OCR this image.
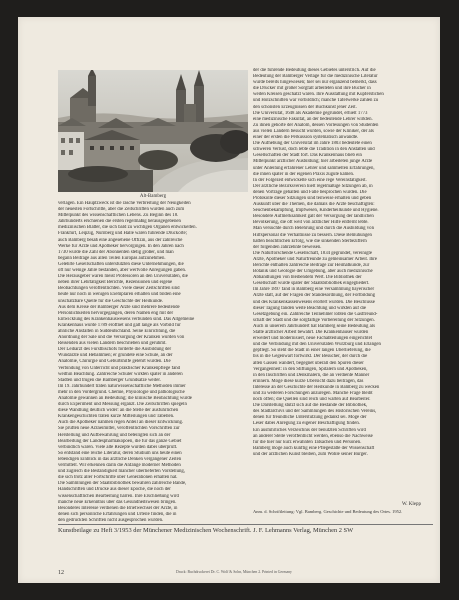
Alt-Bamberg
verlagen. Ein Hauptzweck ist die rasche Verbreitung der Neuigkeiten
der neuesten Fortschritte, aber die Zeitschriften wurden auch zum
Mittelpunkt des wissenschaftlichen Lebens. Zu Beginn des 18.
Jahrhunderts erschienen die ersten regelmäßig herausgegebenen
medizinischen Blätter, die sich bald zu wichtigen Organen entwickelten.
Frankfurt, Leipzig, Nürnberg und Halle waren führende Druckorte;
auch Bamberg besaß eine angesehene Offizin, aus der zahlreiche
Werke für Ärzte und Apotheker hervorgingen. In den Jahren nach
1730 wurde die Zahl der Abonnenten stetig größer, und man
begann Beiträge aus allen Teilen Europas aufzunehmen.
Gelehrte Gesellschaften unterstützten diese Unternehmungen, die
oft nur wenige Jahre bestanden, aber wertvolle Anregungen gaben.
Die Herausgeber waren meist Professoren an den Universitäten, die
neben ihrer Lehrtätigkeit Berichte, Rezensionen und eigene
Beobachtungen veröffentlichten. Viele dieser Zeitschriften sind
heute nur noch in wenigen Exemplaren erhalten und bilden eine
unschätzbare Quelle für die Geschichte der Heilkunde.
Aus dem Kreise der Bamberger Ärzte sind mehrere bedeutende
Persönlichkeiten hervorgegangen, deren Namen eng mit der
Entwicklung des Krankenhauswesens verbunden sind. Das Allgemeine
Krankenhaus wurde 1789 eröffnet und galt lange als Vorbild für
ähnliche Anstalten in Süddeutschland. Seine Einrichtung, die
Anordnung der Säle und die Versorgung der Kranken wurden von
Reisenden aus vielen Ländern beschrieben und gerühmt.
Der Leibarzt des Fürstbischofs förderte die Ausbildung der
Wundärzte und Hebammen; er gründete eine Schule, an der
Anatomie, Chirurgie und Geburtshilfe gelehrt wurden. Die
Verbindung von Unterricht und praktischer Krankenpflege fand
weithin Beachtung. Zahlreiche Schüler wirkten später in anderen
Städten und trugen die Bamberger Grundsätze weiter.
Im 19. Jahrhundert traten naturwissenschaftliche Methoden immer
mehr in den Vordergrund. Chemie, Physiologie und pathologische
Anatomie gewannen an Bedeutung; die klinische Beobachtung wurde
durch Experiment und Messung ergänzt. Die Zeitschriften spiegeln
diese Wandlung deutlich wider: an die Stelle der ausführlichen
Krankengeschichten traten kurze Mitteilungen und Tabellen.
Auch die Apotheker nahmen regen Anteil an dieser Entwicklung.
Sie prüften neue Arzneimittel, veröffentlichten Vorschriften zur
Herstellung und Aufbewahrung und beteiligten sich an der
Bearbeitung der Landespharmakopöen, die für das ganze Gebiet
verbindlich waren. Viele alte Rezepte wurden dabei überprüft.
So entstand eine reiche Literatur, deren Studium uns heute einen
lebendigen Einblick in das ärztliche Denken vergangener Zeiten
vermittelt. Wir erkennen darin die Anfänge moderner Methoden
und zugleich die Beständigkeit mancher überlieferten Vorstellung,
die sich trotz aller Fortschritte über Generationen erhalten hat.
Die Sammlungen der Staatsbibliothek bewahren zahlreiche Bände,
Handschriften und Drucke aus dieser Epoche, die noch der
wissenschaftlichen Bearbeitung harren. Ihre Erschließung wird
manche neue Erkenntnis über das Gesundheitswesen bringen.
Besonderes Interesse verdienen die Briefwechsel der Ärzte, in
denen sich persönliche Erfahrungen und Urteile finden, die in
den gedruckten Schriften nicht ausgesprochen wurden.
der die führende Bedeutung dieses Gebietes unterstrich. Auf die
Bedeutung der Bamberger Verlage für die medizinische Literatur
wurde bereits hingewiesen; hier sei nur ergänzend bemerkt, dass
die Drucker mit großer Sorgfalt arbeiteten und ihre Bücher in
weiten Kreisen geschätzt waren. Ihre Ausstattung mit Kupferstichen
und Holzschnitten war vorbildlich; manche Tafelwerke zählen zu
den schönsten Erzeugnissen der Buchkunst jener Zeit.
Die Universität, 1648 als Akademie gegründet, erhielt 1773
eine medizinische Fakultät, an der bedeutende Lehrer wirkten.
Zu ihnen gehörte der Anatom, dessen Vorlesungen von Studenten
aus vielen Ländern besucht wurden, sowie der Kliniker, der als
einer der ersten die Perkussion systematisch anwandte.
Die Aufhebung der Universität im Jahre 1803 bedeutete einen
schweren Verlust, doch lebte die Tradition in den Anstalten und
Gesellschaften der Stadt fort. Das Krankenhaus blieb ein
Mittelpunkt ärztlicher Ausbildung; hier arbeiteten junge Ärzte
unter Anleitung erfahrener Lehrer und sammelten Erfahrungen,
die ihnen später in der eigenen Praxis zugute kamen.
In der Folgezeit entwickelte sich eine rege Vereinstätigkeit.
Der ärztliche Bezirksverein hielt regelmäßige Sitzungen ab, in
denen Vorträge gehalten und Fälle besprochen wurden. Die
Protokolle dieser Sitzungen sind teilweise erhalten und geben
Auskunft über die Themen, die damals die Ärzte beschäftigten:
Seuchenbekämpfung, Impfwesen, Kinderheilkunde und Hygiene.
Besondere Aufmerksamkeit galt der Versorgung der ländlichen
Bevölkerung, die oft weit von ärztlicher Hilfe entfernt lebte.
Man versuchte durch Belehrung und durch die Ausbildung von
Hilfspersonal die Verhältnisse zu bessern. Diese Bemühungen
hatten beachtlichen Erfolg, wie die sinkenden Sterbeziffern
der folgenden Jahrzehnte beweisen.
Die Naturforschende Gesellschaft, 1834 gegründet, vereinigte
Ärzte, Apotheker und Naturfreunde zu gemeinsamer Arbeit. Ihre
Berichte enthalten zahlreiche Beiträge zur Heimatkunde, zur
Botanik und Geologie der Umgebung, aber auch medizinische
Abhandlungen von bleibendem Wert. Die Bibliothek der
Gesellschaft wurde später der Staatsbibliothek eingegliedert.
Im Jahre 1897 fand in Bamberg eine Versammlung bayerischer
Ärzte statt, auf der Fragen der Standesordnung, der Fortbildung
und des Krankenkassenwesens erörtert wurden. Die Beschlüsse
dieser Tagung fanden weite Beachtung und wirkten auf die
Gesetzgebung ein. Zahlreiche Teilnehmer lobten die Gastfreund-
schaft der Stadt und die sorgfältige Vorbereitung der Sitzungen.
Auch in unserem Jahrhundert hat Bamberg seine Bedeutung als
Stätte ärztlicher Arbeit bewahrt. Die Krankenhäuser wurden
erweitert und modernisiert, neue Fachabteilungen eingerichtet
und die Verbindung mit den Universitäten Würzburg und Erlangen
gepflegt. So steht die Stadt in einer langen Überlieferung, die
bis in die Gegenwart fortwirkt. Der Besucher, der durch die
alten Gassen wandert, begegnet überall den Spuren dieser
Vergangenheit: in den Stiftungen, Spitälern und Apotheken,
in den Inschriften und Denkmälern, die an verdiente Männer
erinnern. Möge diese kurze Übersicht dazu beitragen, das
Interesse an der Geschichte der Heilkunde in Bamberg zu wecken
und zu weiteren Forschungen anzuregen. Manche Frage bleibt
noch offen; die Quellen sind reich und warten auf Bearbeiter.
Die Darstellung stützt sich auf die Bestände der Bibliothek,
des Stadtarchivs und der Sammlungen des Historischen Vereins,
denen für freundliche Unterstützung gedankt sei. Möge der
Leser dabei Anregung zu eigener Beschäftigung finden.
Ein ausführliches Verzeichnis der benutzten Schriften wird
an anderer Stelle veröffentlicht werden, ebenso die Nachweise
für die hier nur kurz erwähnten Tatsachen und Personen.
Bamberg möge auch künftig eine Pflegestätte der Wissenschaft
und der ärztlichen Kunst bleiben, zum Wohle seiner Bürger.
Anm. d. Schriftleitung: Vgl. Bamberg. Geschichte und Bedeutung des Ortes. 1952.
W. Klepp
Kunstbeilage zu Heft 3/1953 der Münchener Medizinischen Wochenschrift. J. F. Lehmanns Verlag, München 2 SW
12	Druck: Buchdruckerei Dr. C. Wolf & Sohn, München 2. Printed in Germany
